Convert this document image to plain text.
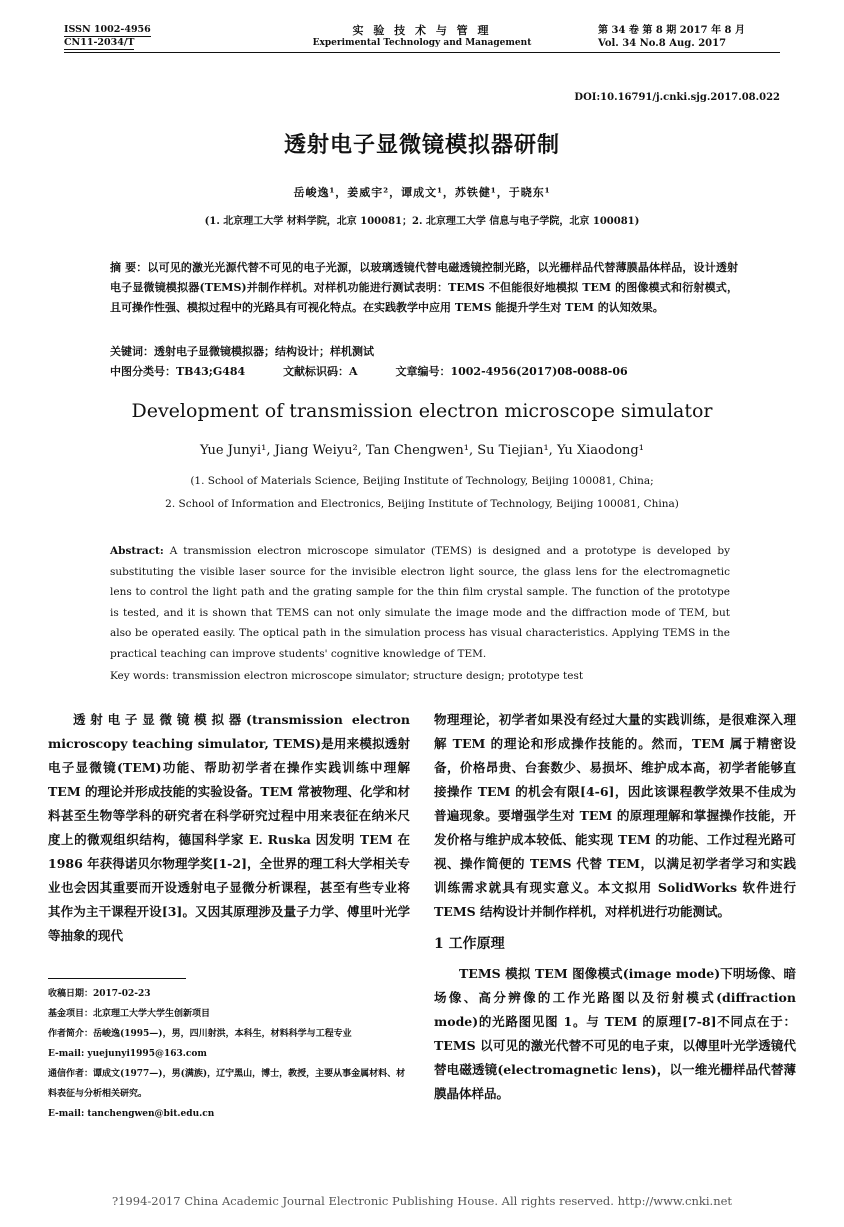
ISSN 1002-4956
CN11-2034/T
实 验 技 术 与 管 理
Experimental Technology and Management
第 34 卷 第 8 期 2017 年 8 月
Vol. 34 No.8 Aug. 2017
DOI:10.16791/j.cnki.sjg.2017.08.022
透射电子显微镜模拟器研制
岳峻逸¹，姜威宇²，谭成文¹，苏铁健¹，于晓东¹
(1. 北京理工大学 材料学院，北京 100081；2. 北京理工大学 信息与电子学院，北京 100081)
摘 要：以可见的激光光源代替不可见的电子光源，以玻璃透镜代替电磁透镜控制光路，以光栅样品代替薄膜晶体样品，设计透射电子显微镜模拟器(TEMS)并制作样机。对样机功能进行测试表明：TEMS 不但能很好地模拟 TEM 的图像模式和衍射模式，且可操作性强、模拟过程中的光路具有可视化特点。在实践教学中应用 TEMS 能提升学生对 TEM 的认知效果。
关键词：透射电子显微镜模拟器；结构设计；样机测试
中图分类号：TB43;G484	文献标识码：A	文章编号：1002-4956(2017)08-0088-06
Development of transmission electron microscope simulator
Yue Junyi¹, Jiang Weiyu², Tan Chengwen¹, Su Tiejian¹, Yu Xiaodong¹
(1. School of Materials Science, Beijing Institute of Technology, Beijing 100081, China;
2. School of Information and Electronics, Beijing Institute of Technology, Beijing 100081, China)
Abstract: A transmission electron microscope simulator (TEMS) is designed and a prototype is developed by substituting the visible laser source for the invisible electron light source, the glass lens for the electromagnetic lens to control the light path and the grating sample for the thin film crystal sample. The function of the prototype is tested, and it is shown that TEMS can not only simulate the image mode and the diffraction mode of TEM, but also be operated easily. The optical path in the simulation process has visual characteristics. Applying TEMS in the practical teaching can improve students' cognitive knowledge of TEM.
Key words: transmission electron microscope simulator; structure design; prototype test
透射电子显微镜模拟器(transmission electron microscopy teaching simulator, TEMS)是用来模拟透射电子显微镜(TEM)功能、帮助初学者在操作实践训练中理解 TEM 的理论并形成技能的实验设备。TEM 常被物理、化学和材料甚至生物等学科的研究者在科学研究过程中用来表征在纳米尺度上的微观组织结构，德国科学家 E. Ruska 因发明 TEM 在 1986 年获得诺贝尔物理学奖[1-2]，全世界的理工科大学相关专业也会因其重要而开设透射电子显微分析课程，甚至有些专业将其作为主干课程开设[3]。又因其原理涉及量子力学、傅里叶光学等抽象的现代
收稿日期：2017-02-23
基金项目：北京理工大学大学生创新项目
作者简介：岳峻逸(1995—)，男，四川射洪，本科生，材料科学与工程专业
E-mail: yuejunyi1995@163.com
通信作者：谭成文(1977—)，男(满族)，辽宁黑山，博士，教授，主要从事金属材料、材料表征与分析相关研究。
E-mail: tanchengwen@bit.edu.cn
物理理论，初学者如果没有经过大量的实践训练，是很难深入理解 TEM 的理论和形成操作技能的。然而，TEM 属于精密设备，价格昂贵、台套数少、易损坏、维护成本高，初学者能够直接操作 TEM 的机会有限[4-6]，因此该课程教学效果不佳成为普遍现象。要增强学生对 TEM 的原理理解和掌握操作技能，开发价格与维护成本较低、能实现 TEM 的功能、工作过程光路可视、操作简便的 TEMS 代替 TEM，以满足初学者学习和实践训练需求就具有现实意义。本文拟用 SolidWorks 软件进行 TEMS 结构设计并制作样机，对样机进行功能测试。
1 工作原理
TEMS 模拟 TEM 图像模式(image mode)下明场像、暗场像、高分辨像的工作光路图以及衍射模式(diffraction mode)的光路图见图 1。与 TEM 的原理[7-8]不同点在于：TEMS 以可见的激光代替不可见的电子束，以傅里叶光学透镜代替电磁透镜(electromagnetic lens)，以一维光栅样品代替薄膜晶体样品。
?1994-2017 China Academic Journal Electronic Publishing House. All rights reserved. http://www.cnki.net
